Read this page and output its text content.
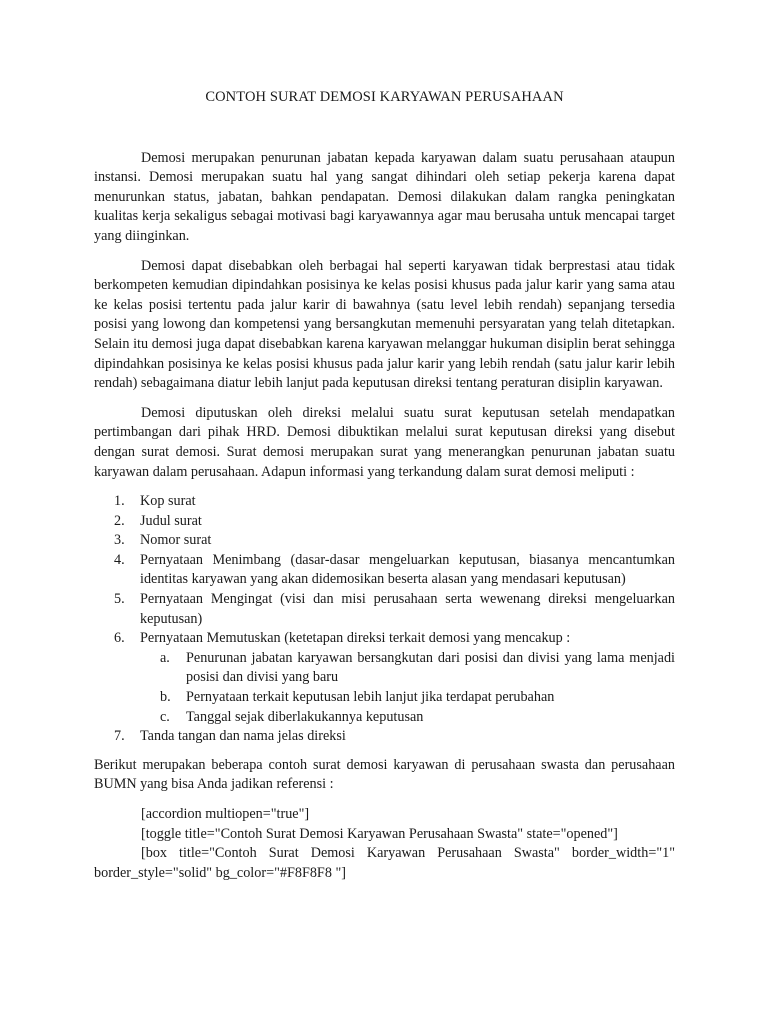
CONTOH SURAT DEMOSI KARYAWAN PERUSAHAAN

Demosi merupakan penurunan jabatan kepada karyawan dalam suatu perusahaan ataupun instansi. Demosi merupakan suatu hal yang sangat dihindari oleh setiap pekerja karena dapat menurunkan status, jabatan, bahkan pendapatan. Demosi dilakukan dalam rangka peningkatan kualitas kerja sekaligus sebagai motivasi bagi karyawannya agar mau berusaha untuk mencapai target yang diinginkan.

Demosi dapat disebabkan oleh berbagai hal seperti karyawan tidak berprestasi atau tidak berkompeten kemudian dipindahkan posisinya ke kelas posisi khusus pada jalur karir yang sama atau ke kelas posisi tertentu pada jalur karir di bawahnya (satu level lebih rendah) sepanjang tersedia posisi yang lowong dan kompetensi yang bersangkutan memenuhi persyaratan yang telah ditetapkan. Selain itu demosi juga dapat disebabkan karena karyawan melanggar hukuman disiplin berat sehingga dipindahkan posisinya ke kelas posisi khusus pada jalur karir yang lebih rendah (satu jalur karir lebih rendah) sebagaimana diatur lebih lanjut pada keputusan direksi tentang peraturan disiplin karyawan.

Demosi diputuskan oleh direksi melalui suatu surat keputusan setelah mendapatkan pertimbangan dari pihak HRD. Demosi dibuktikan melalui surat keputusan direksi yang disebut dengan surat demosi. Surat demosi merupakan surat yang menerangkan penurunan jabatan suatu karyawan dalam perusahaan. Adapun informasi yang terkandung dalam surat demosi meliputi :

1. Kop surat
2. Judul surat
3. Nomor surat
4. Pernyataan Menimbang (dasar-dasar mengeluarkan keputusan, biasanya mencantumkan identitas karyawan yang akan didemosikan beserta alasan yang mendasari keputusan)
5. Pernyataan Mengingat (visi dan misi perusahaan serta wewenang direksi mengeluarkan keputusan)
6. Pernyataan Memutuskan (ketetapan direksi terkait demosi yang mencakup :
a. Penurunan jabatan karyawan bersangkutan dari posisi dan divisi yang lama menjadi posisi dan divisi yang baru
b. Pernyataan terkait keputusan lebih lanjut jika terdapat perubahan
c. Tanggal sejak diberlakukannya keputusan
7. Tanda tangan dan nama jelas direksi

Berikut merupakan beberapa contoh surat demosi karyawan di perusahaan swasta dan perusahaan BUMN yang bisa Anda jadikan referensi :

[accordion multiopen="true"]

[toggle title="Contoh Surat Demosi Karyawan Perusahaan Swasta" state="opened"]

[box title="Contoh Surat Demosi Karyawan Perusahaan Swasta" border_width="1" border_style="solid" bg_color="#F8F8F8 "]
